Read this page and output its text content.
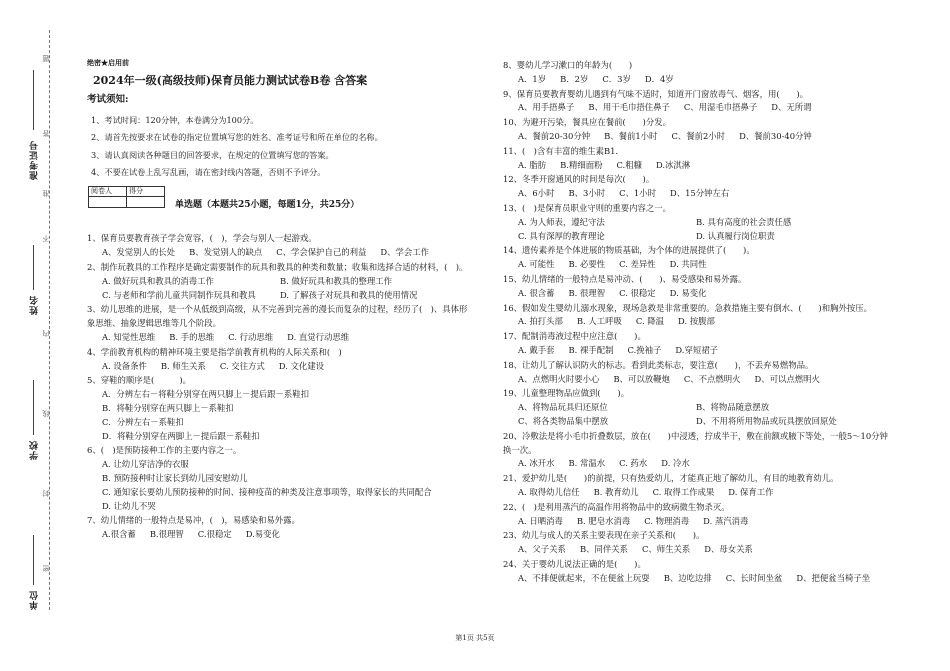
题
答
准
不
内
线
封
密
准考证号
姓名
学校
单位
绝密★启用前
2024年一级(高级技师)保育员能力测试试卷B卷 含答案
考试须知:
1、考试时间：120分钟，本卷满分为100分。
2、请首先按要求在试卷的指定位置填写您的姓名、准考证号和所在单位的名称。
3、请认真阅读各种题目的回答要求，在规定的位置填写您的答案。
4、不要在试卷上乱写乱画，请在密封线内答题，否则不予评分。
阅卷人	得分

单选题（本题共25小题，每题1分，共25分）
1、保育员要教育孩子学会宽容，(　)，学会与别人一起游戏。
A、发觉别人的长处 B、发觉别人的缺点 C、学会保护自己的利益 D、学会工作
2、制作玩教具的工作程序是确定需要制作的玩具和教具的种类和数量；收集和选择合适的材料，(　)。
A. 做好玩具和教具的消毒工作	B. 做好玩具和教具的整理工作
C. 与老师和学前儿童共同制作玩具和教具	D. 了解孩子对玩具和教具的使用情况
3、幼儿思维的进展，是一个从低级到高级，从不完善到完善的漫长而复杂的过程，经历了(　)、具体形象思维、抽象逻辑思维等几个阶段。
A. 知觉性思维 B. 手的思维 C. 行动思维 D. 直觉行动思维
4、学前教育机构的精神环境主要是指学前教育机构的人际关系和(　)
A. 设备条件 B. 师生关系 C. 交往方式 D. 文化建设
5、穿鞋的顺序是(　　　)。
A．分辨左右－将鞋分别穿在两只脚上－提后跟－系鞋扣
B．将鞋分别穿在两只脚上－系鞋扣
C．分辨左右－系鞋扣
D．将鞋分别穿在两脚上－提后跟－系鞋扣
6、(　)是预防接种工作的主要内容之一。
A. 让幼儿穿洁净的衣服
B. 预防接种时让家长到幼儿园安慰幼儿
C. 通知家长要幼儿预防接种的时间、接种疫苗的种类及注意事项等，取得家长的共同配合
D. 让幼儿不哭
7、幼儿情绪的一般特点是易冲，(　)，易感染和易外露。
A.很含蓄 B.很理智 C.很稳定 D.易变化
8、婴幼儿学习漱口的年龄为(　　)
A．1岁 B．2岁 C．3岁 D．4岁
9、保育员要教育婴幼儿遇到有气味不适时，知道开门窗放毒气、烟客，用(　　)。
A、用手捂鼻子 B、用干毛巾捂住鼻子 C、用湿毛巾捂鼻子 D、无所谓
10、为避开污染，餐具应在餐前(　　)分发。
A、餐前20-30分钟 B、餐前1小时 C、餐前2小时 D、餐前30-40分钟
11、(　)含有丰富的维生素B1.
A. 脂肪 B.精细面粉 C.粗糠 D.冰淇淋
12、冬季开窗通风的时间是每次(　　)。
A、6小时 B、3小时 C、1小时 D、15分钟左右
13、(　)是保育员职业守则的重要内容之一。
A. 为人师表，遵纪守法	B. 具有高度的社会责任感
C. 具有深厚的教育理论	D. 认真履行岗位职责
14、遗传素养是个体进展的物质基础，为个体的进展提供了(　　)。
A. 可能性 B. 必要性 C. 差异性 D. 共同性
15、幼儿情绪的一般特点是易冲动、(　　)、易受感染和易外露。
A. 很含蓄 B. 很理智 C. 很稳定 D. 易变化
16、假如发生婴幼儿溺水现象，现场急救是非常重要的。急救措施主要有倒水、(　　)和胸外按压。
A. 拍打头部 B. 人工呼吸 C. 降温 D. 按腹部
17、配制消毒液过程中应注意(　　)。
A. 戴手套 B. 裸手配制 C.挽袖子 D.穿短裙子
18、让幼儿了解认识防火的标志。看到此类标志，要注意(　　)，不丢弃易燃物品。
A、点燃明火时要小心 B、可以放鞭炮 C、不点燃明火 D、可以点燃明火
19、儿童整理物品应做到(　　)。
A、将物品玩具归还原位	B、将物品随意摆放
C、将各类物品集中摆放	D、不用将所用物品或玩具摆放回原处
20、冷敷法是将小毛巾折叠数层，放在(　　)中浸透，拧成半干，敷在前额或腋下等处，一般5～10分钟换一次。
A. 冰开水 B. 常温水 C. 药水 D. 冷水
21、爱护幼儿是(　　)的前提，只有热爱幼儿，才能真正地了解幼儿，有目的地教育幼儿。
A. 取得幼儿信任 B. 教育幼儿 C. 取得工作成果 D. 保育工作
22、(　)是利用蒸汽的高温作用将物品中的致病微生物杀灭。
A. 日晒消毒 B. 肥皂水消毒 C. 物理消毒 D. 蒸汽消毒
23、幼儿与成人的关系主要表现在亲子关系和(　　)。
A、父子关系 B、同伴关系 C、师生关系 D、母女关系
24、关于婴幼儿说法正确的是(　　)。
A、不排便就起来，不在便盆上玩耍 B、边吃边排 C、长时间坐盆 D、把便盆当椅子坐
第1页 共5页
